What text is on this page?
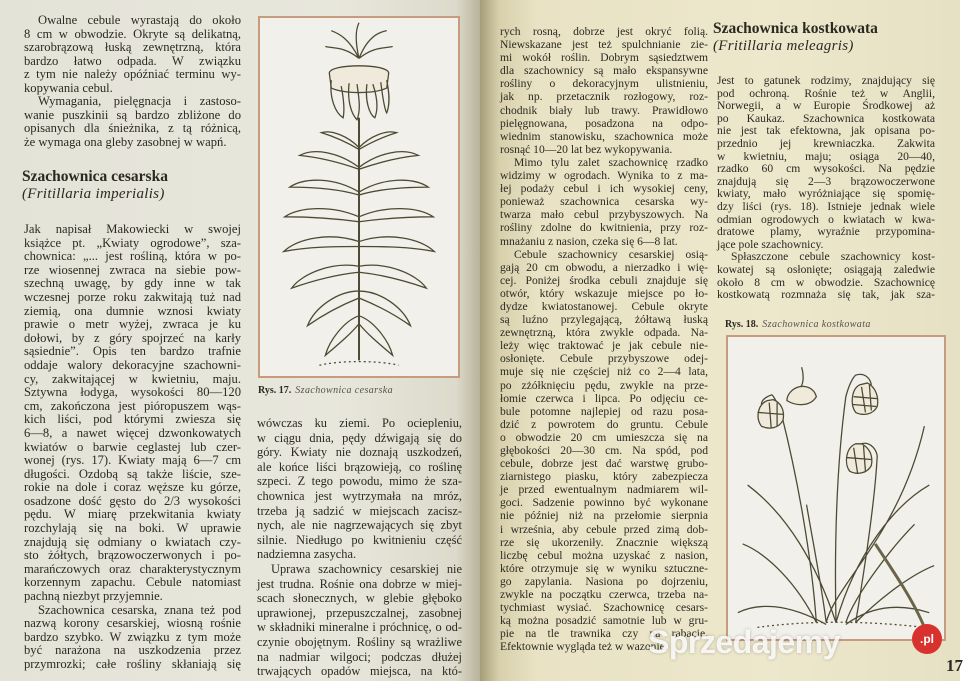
Owalne cebule wyrastają do około
8 cm w obwodzie. Okryte są delikatną,
szarobrązową łuską zewnętrzną, która
bardzo łatwo odpada. W związku
z tym nie należy opóźniać terminu wy-
kopywania cebul.
Wymagania, pielęgnacja i zastoso-
wanie puszkinii są bardzo zbliżone do
opisanych dla śnieżnika, z tą różnicą,
że wymaga ona gleby zasobnej w wapń.
Szachownica cesarska
(Fritillaria imperialis)
Jak napisał Makowiecki w swojej
książce pt. „Kwiaty ogrodowe”, sza-
chownica: „... jest rośliną, która w po-
rze wiosennej zwraca na siebie pow-
szechną uwagę, by gdy inne w tak
wczesnej porze roku zakwitają tuż nad
ziemią, ona dumnie wznosi kwiaty
prawie o metr wyżej, zwraca je ku
dołowi, by z góry spojrzeć na karły
sąsiednie”. Opis ten bardzo trafnie
oddaje walory dekoracyjne szachowni-
cy, zakwitającej w kwietniu, maju.
Sztywna łodyga, wysokości 80—120
cm, zakończona jest pióropuszem wąs-
kich liści, pod którymi zwiesza się
6—8, a nawet więcej dzwonkowatych
kwiatów o barwie ceglastej lub czer-
wonej (rys. 17). Kwiaty mają 6—7 cm
długości. Ozdobą są także liście, sze-
rokie na dole i coraz węższe ku górze,
osadzone dość gęsto do 2/3 wysokości
pędu. W miarę przekwitania kwiaty
rozchylają się na boki. W uprawie
znajdują się odmiany o kwiatach czy-
sto żółtych, brązowoczerwonych i po-
marańczowych oraz charakterystycznym
korzennym zapachu. Cebule natomiast
pachną niezbyt przyjemnie.
Szachownica cesarska, znana też pod
nazwą korony cesarskiej, wiosną rośnie
bardzo szybko. W związku z tym może
być narażona na uszkodzenia przez
przymrozki; całe rośliny skłaniają się
Rys. 17. Szachownica cesarska
wówczas ku ziemi. Po ociepleniu,
w ciągu dnia, pędy dźwigają się do
góry. Kwiaty nie doznają uszkodzeń,
ale końce liści brązowieją, co roślinę
szpeci. Z tego powodu, mimo że sza-
chownica jest wytrzymała na mróz,
trzeba ją sadzić w miejscach zacisz-
nych, ale nie nagrzewających się zbyt
silnie. Niedługo po kwitnieniu część
nadziemna zasycha.
Uprawa szachownicy cesarskiej nie
jest trudna. Rośnie ona dobrze w miej-
scach słonecznych, w glebie głęboko
uprawionej, przepuszczalnej, zasobnej
w składniki mineralne i próchnicę, o od-
czynie obojętnym. Rośliny są wrażliwe
na nadmiar wilgoci; podczas dłużej
trwających opadów miejsca, na któ-
rych rosną, dobrze jest okryć folią.
Niewskazane jest też spulchnianie zie-
mi wokół roślin. Dobrym sąsiedztwem
dla szachownicy są mało ekspansywne
rośliny o dekoracyjnym ulistnieniu,
jak np. przetacznik rozłogowy, roz-
chodnik biały lub trawy. Prawidłowo
pielęgnowana, posadzona na odpo-
wiednim stanowisku, szachownica może
rosnąć 10—20 lat bez wykopywania.
Mimo tylu zalet szachownicę rzadko
widzimy w ogrodach. Wynika to z ma-
łej podaży cebul i ich wysokiej ceny,
ponieważ szachownica cesarska wy-
twarza mało cebul przybyszowych. Na
rośliny zdolne do kwitnienia, przy roz-
mnażaniu z nasion, czeka się 6—8 lat.
Cebule szachownicy cesarskiej osią-
gają 20 cm obwodu, a nierzadko i wię-
cej. Poniżej środka cebuli znajduje się
otwór, który wskazuje miejsce po ło-
dydze kwiatostanowej. Cebule okryte
są luźno przylegającą, żółtawą łuską
zewnętrzną, która zwykle odpada. Na-
leży więc traktować je jak cebule nie-
osłonięte. Cebule przybyszowe odej-
muje się nie częściej niż co 2—4 lata,
po zżółknięciu pędu, zwykle na prze-
łomie czerwca i lipca. Po odjęciu ce-
bule potomne najlepiej od razu posa-
dzić z powrotem do gruntu. Cebule
o obwodzie 20 cm umieszcza się na
głębokości 20—30 cm. Na spód, pod
cebule, dobrze jest dać warstwę grubo-
ziarnistego piasku, który zabezpiecza
je przed ewentualnym nadmiarem wil-
goci. Sadzenie powinno być wykonane
nie później niż na przełomie sierpnia
i września, aby cebule przed zimą dob-
rze się ukorzeniły. Znacznie większą
liczbę cebul można uzyskać z nasion,
które otrzymuje się w wyniku sztuczne-
go zapylania. Nasiona po dojrzeniu,
zwykle na początku czerwca, trzeba na-
tychmiast wysiać. Szachownicę cesars-
ką można posadzić samotnie lub w gru-
pie na tle trawnika czy na rabacie.
Efektownie wygląda też w wazonie.
Szachownica kostkowata
(Fritillaria meleagris)
Jest to gatunek rodzimy, znajdujący się
pod ochroną. Rośnie też w Anglii,
Norwegii, a w Europie Środkowej aż
po Kaukaz. Szachownica kostkowata
nie jest tak efektowna, jak opisana po-
przednio jej krewniaczka. Zakwita
w kwietniu, maju; osiąga 20—40,
rzadko 60 cm wysokości. Na pędzie
znajdują się 2—3 brązowoczerwone
kwiaty, mało wyróżniające się spomię-
dzy liści (rys. 18). Istnieje jednak wiele
odmian ogrodowych o kwiatach w kwa-
dratowe plamy, wyraźnie przypomina-
jące pole szachownicy.
Spłaszczone cebule szachownicy kost-
kowatej są osłonięte; osiągają zaledwie
około 8 cm w obwodzie. Szachownicę
kostkowatą rozmnaża się tak, jak sza-
Rys. 18. Szachownica kostkowata
17
Sprzedajemy	.pl
